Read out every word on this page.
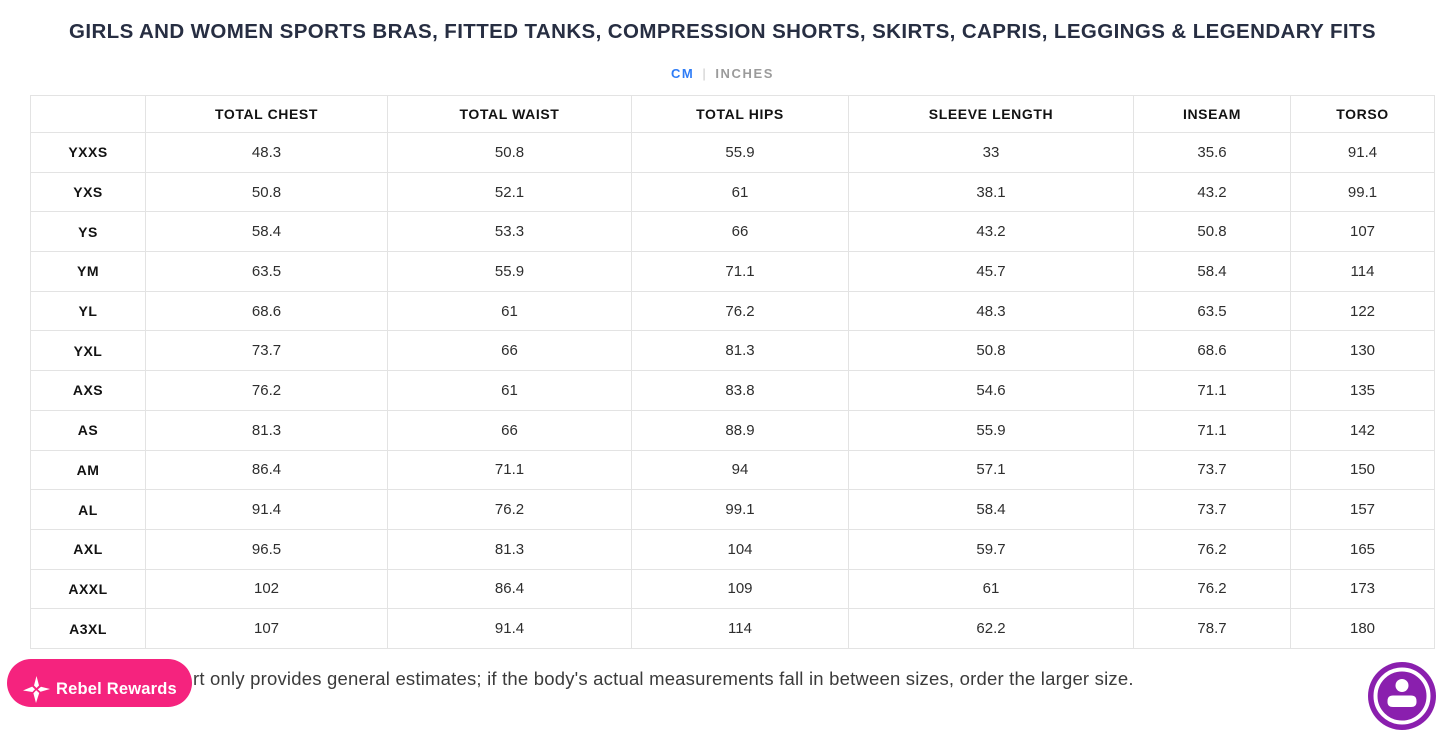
GIRLS AND WOMEN SPORTS BRAS, FITTED TANKS, COMPRESSION SHORTS, SKIRTS, CAPRIS, LEGGINGS & LEGENDARY FITS
CM | INCHES
	TOTAL CHEST	TOTAL WAIST	TOTAL HIPS	SLEEVE LENGTH	INSEAM	TORSO
YXXS	48.3	50.8	55.9	33	35.6	91.4
YXS	50.8	52.1	61	38.1	43.2	99.1
YS	58.4	53.3	66	43.2	50.8	107
YM	63.5	55.9	71.1	45.7	58.4	114
YL	68.6	61	76.2	48.3	63.5	122
YXL	73.7	66	81.3	50.8	68.6	130
AXS	76.2	61	83.8	54.6	71.1	135
AS	81.3	66	88.9	55.9	71.1	142
AM	86.4	71.1	94	57.1	73.7	150
AL	91.4	76.2	99.1	58.4	73.7	157
AXL	96.5	81.3	104	59.7	76.2	165
AXXL	102	86.4	109	61	76.2	173
A3XL	107	91.4	114	62.2	78.7	180
rt only provides general estimates; if the body's actual measurements fall in between sizes, order the larger size.
Rebel Rewards
